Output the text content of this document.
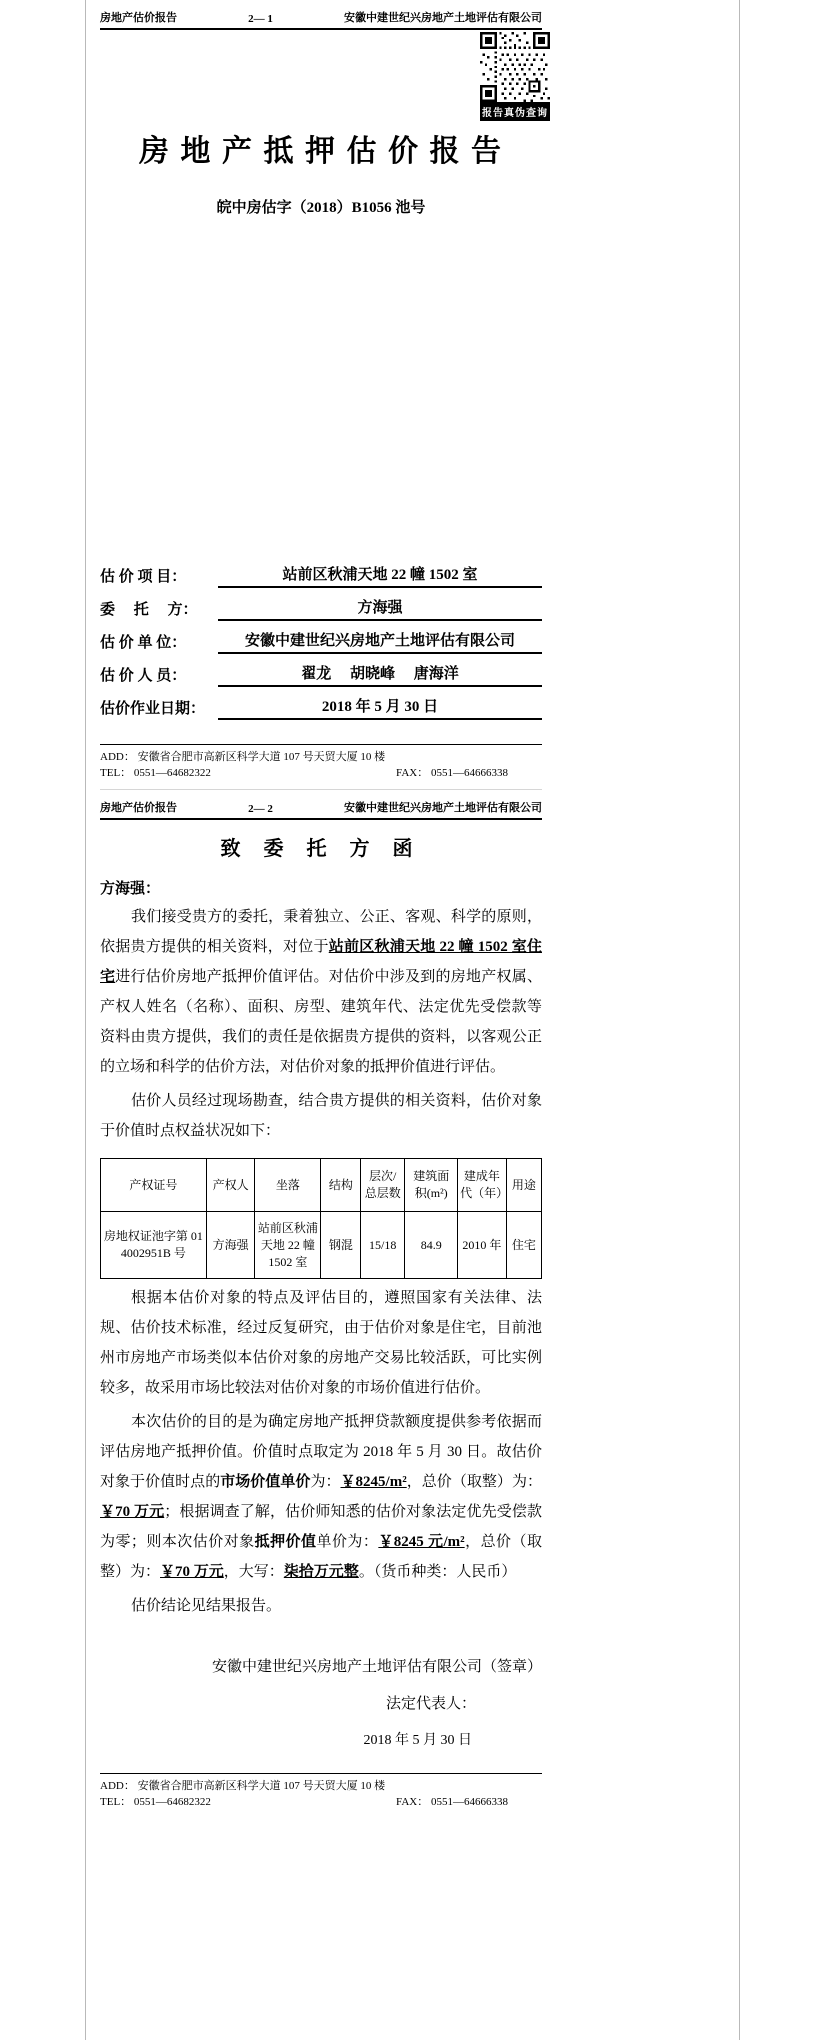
房地产估价报告	2— 1	安徽中建世纪兴房地产土地评估有限公司
报告真伪查询
房 地 产 抵 押 估 价 报 告
皖中房估字（2018）B1056 池号
估 价 项 目：	站前区秋浦天地 22 幢 1502 室
委　 托　 方：	方海强
估 价 单 位：	安徽中建世纪兴房地产土地评估有限公司
估 价 人 员：	翟龙　 胡晓峰　 唐海洋
估价作业日期：	2018 年 5 月 30 日
ADD： 安徽省合肥市高新区科学大道 107 号天贸大厦 10 楼
TEL： 0551—64682322	FAX： 0551—64666338
房地产估价报告	2— 2	安徽中建世纪兴房地产土地评估有限公司
致 委 托 方 函
方海强：

我们接受贵方的委托，秉着独立、公正、客观、科学的原则，依据贵方提供的相关资料，对位于站前区秋浦天地 22 幢 1502 室住宅进行估价房地产抵押价值评估。对估价中涉及到的房地产权属、产权人姓名（名称）、面积、房型、建筑年代、法定优先受偿款等资料由贵方提供，我们的责任是依据贵方提供的资料，以客观公正的立场和科学的估价方法，对估价对象的抵押价值进行评估。

估价人员经过现场勘查，结合贵方提供的相关资料，估价对象于价值时点权益状况如下：

产权证号	产权人	坐落	结构	层次/总层数	建筑面积(m²)	建成年代（年）	用途
房地权证池字第 014002951B 号	方海强	站前区秋浦天地 22 幢 1502 室	钢混	15/18	84.9	2010 年	住宅

根据本估价对象的特点及评估目的，遵照国家有关法律、法规、估价技术标准，经过反复研究，由于估价对象是住宅，目前池州市房地产市场类似本估价对象的房地产交易比较活跃，可比实例较多，故采用市场比较法对估价对象的市场价值进行估价。

本次估价的目的是为确定房地产抵押贷款额度提供参考依据而评估房地产抵押价值。价值时点取定为 2018 年 5 月 30 日。故估价对象于价值时点的市场价值单价为：￥8245/m²，总价（取整）为：￥70 万元；根据调查了解，估价师知悉的估价对象法定优先受偿款为零；则本次估价对象抵押价值单价为：￥8245 元/m²，总价（取整）为：￥70 万元，大写：柒拾万元整。（货币种类：人民币）

估价结论见结果报告。

安徽中建世纪兴房地产土地评估有限公司（签章）
法定代表人：
2018 年 5 月 30 日
ADD： 安徽省合肥市高新区科学大道 107 号天贸大厦 10 楼
TEL： 0551—64682322	FAX： 0551—64666338
